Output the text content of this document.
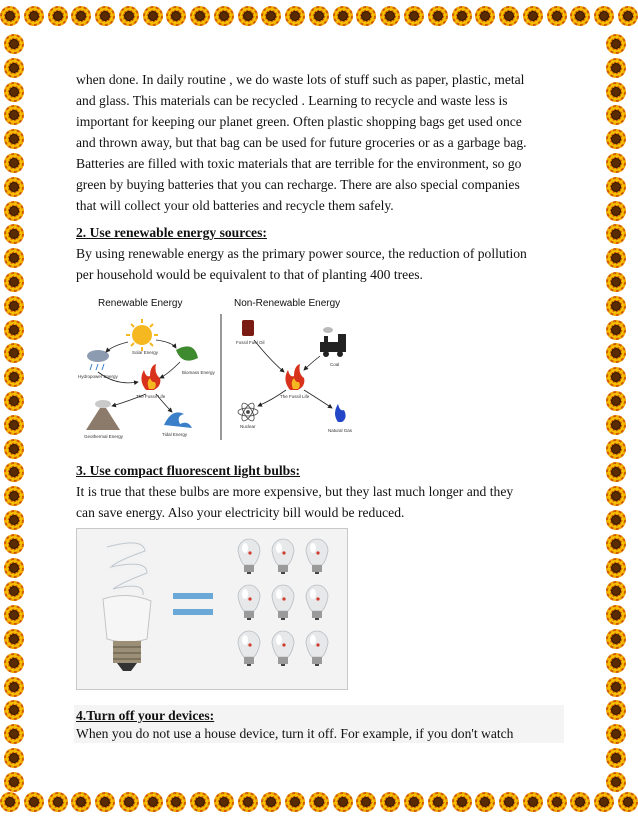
when done. In daily routine , we do waste lots of stuff such as paper, plastic, metal

and glass. This materials can be recycled . Learning to recycle and waste less is

important for keeping our planet green. Often plastic shopping bags get used once

and thrown away, but that bag can be used for future groceries or as a garbage bag.

Batteries are filled with toxic materials that are terrible for the environment, so go

green by buying batteries that you can recharge. There are also special companies

that will collect your old batteries and recycle them safely.

2. Use renewable energy sources:

By using renewable energy as the primary power source, the reduction of pollution

per household would be equivalent to that of planting 400 trees.

Renewable Energy	Non-Renewable Energy
Solar Energy
Hydropower Energy
Biomass Energy
The Fossil Life
Geothermal Energy	Tidal Energy
Fossil Fuel Oil
Coal
The Fossil Life
Nuclear
Natural Gas
3. Use compact fluorescent light bulbs:

It is true that these bulbs are more expensive, but they last much longer and they

can save energy. Also your electricity bill would be reduced.

4.Turn off your devices:

When you do not use a house device, turn it off. For example, if you don't watch
